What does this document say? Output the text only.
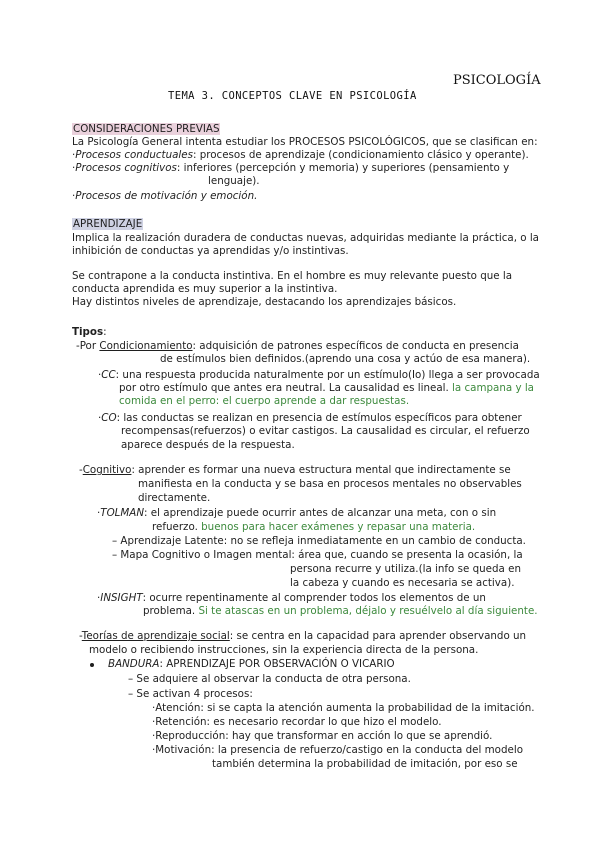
PSICOLOGÍA
TEMA 3. CONCEPTOS CLAVE EN PSICOLOGÍA
CONSIDERACIONES PREVIAS
La Psicología General intenta estudiar los PROCESOS PSICOLÓGICOS, que se clasifican en:
·Procesos conductuales: procesos de aprendizaje (condicionamiento clásico y operante).
·Procesos cognitivos: inferiores (percepción y memoria) y superiores (pensamiento y
lenguaje).
·Procesos de motivación y emoción.
APRENDIZAJE
Implica la realización duradera de conductas nuevas, adquiridas mediante la práctica, o la
inhibición de conductas ya aprendidas y/o instintivas.
Se contrapone a la conducta instintiva. En el hombre es muy relevante puesto que la
conducta aprendida es muy superior a la instintiva.
Hay distintos niveles de aprendizaje, destacando los aprendizajes básicos.
Tipos:
-Por Condicionamiento: adquisición de patrones específicos de conducta en presencia
de estímulos bien definidos.(aprendo una cosa y actúo de esa manera).
·CC: una respuesta producida naturalmente por un estímulo(Io) llega a ser provocada
por otro estímulo que antes era neutral. La causalidad es lineal. la campana y la
comida en el perro: el cuerpo aprende a dar respuestas.
·CO: las conductas se realizan en presencia de estímulos específicos para obtener
recompensas(refuerzos) o evitar castigos. La causalidad es circular, el refuerzo
aparece después de la respuesta.
-Cognitivo: aprender es formar una nueva estructura mental que indirectamente se
manifiesta en la conducta y se basa en procesos mentales no observables
directamente.
·TOLMAN: el aprendizaje puede ocurrir antes de alcanzar una meta, con o sin
refuerzo. buenos para hacer exámenes y repasar una materia.
– Aprendizaje Latente: no se refleja inmediatamente en un cambio de conducta.
– Mapa Cognitivo o Imagen mental: área que, cuando se presenta la ocasión, la
persona recurre y utiliza.(la info se queda en
la cabeza y cuando es necesaria se activa).
·INSIGHT: ocurre repentinamente al comprender todos los elementos de un
problema. Si te atascas en un problema, déjalo y resuélvelo al día siguiente.
-Teorías de aprendizaje social: se centra en la capacidad para aprender observando un
modelo o recibiendo instrucciones, sin la experiencia directa de la persona.
BANDURA: APRENDIZAJE POR OBSERVACIÓN O VICARIO
– Se adquiere al observar la conducta de otra persona.
– Se activan 4 procesos:
·Atención: si se capta la atención aumenta la probabilidad de la imitación.
·Retención: es necesario recordar lo que hizo el modelo.
·Reproducción: hay que transformar en acción lo que se aprendió.
·Motivación: la presencia de refuerzo/castigo en la conducta del modelo
también determina la probabilidad de imitación, por eso se
